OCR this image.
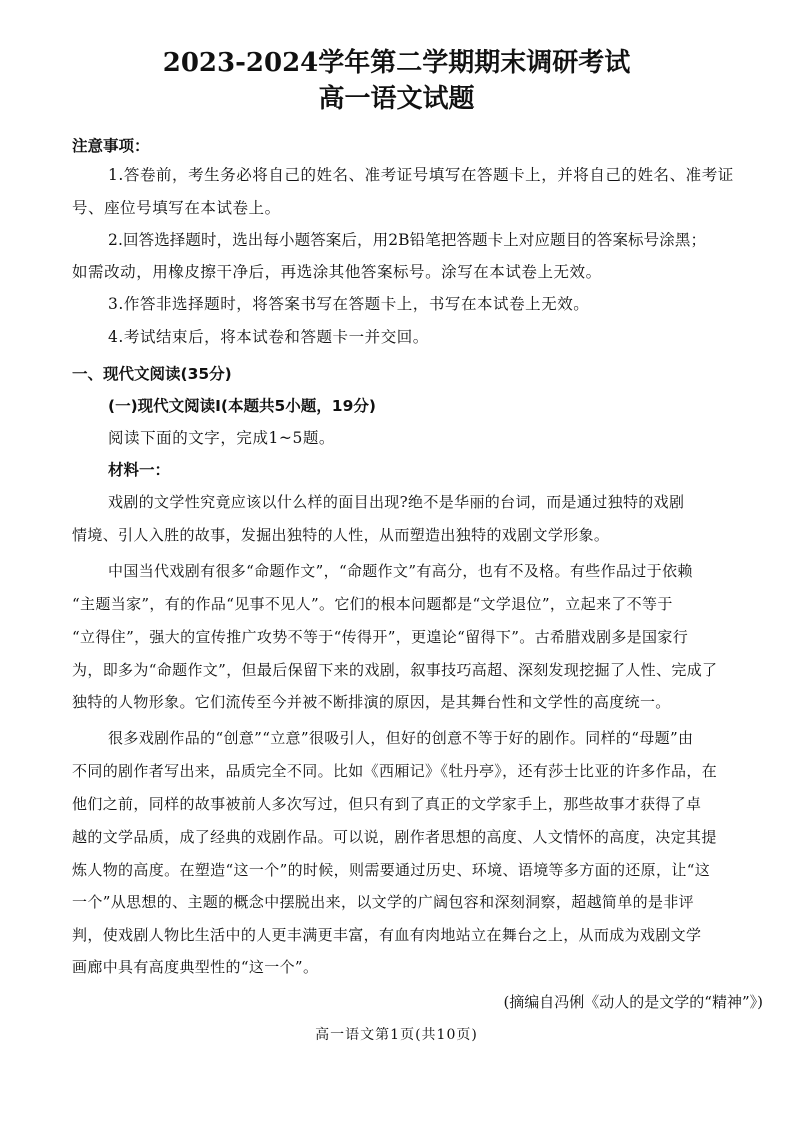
2023-2024学年第二学期期末调研考试
高一语文试题
注意事项：
1.答卷前，考生务必将自己的姓名、准考证号填写在答题卡上，并将自己的姓名、准考证
号、座位号填写在本试卷上。
2.回答选择题时，选出每小题答案后，用2B铅笔把答题卡上对应题目的答案标号涂黑；
如需改动，用橡皮擦干净后，再选涂其他答案标号。涂写在本试卷上无效。
3.作答非选择题时，将答案书写在答题卡上，书写在本试卷上无效。
4.考试结束后，将本试卷和答题卡一并交回。
一、现代文阅读(35分)
(一)现代文阅读I(本题共5小题，19分)
阅读下面的文字，完成1~5题。
材料一：
戏剧的文学性究竟应该以什么样的面目出现?绝不是华丽的台词，而是通过独特的戏剧
情境、引人入胜的故事，发掘出独特的人性，从而塑造出独特的戏剧文学形象。
中国当代戏剧有很多“命题作文”，“命题作文”有高分，也有不及格。有些作品过于依赖
“主题当家”，有的作品“见事不见人”。它们的根本问题都是“文学退位”，立起来了不等于
“立得住”，强大的宣传推广攻势不等于“传得开”，更遑论“留得下”。古希腊戏剧多是国家行
为，即多为“命题作文”，但最后保留下来的戏剧，叙事技巧高超、深刻发现挖掘了人性、完成了
独特的人物形象。它们流传至今并被不断排演的原因，是其舞台性和文学性的高度统一。
很多戏剧作品的“创意”“立意”很吸引人，但好的创意不等于好的剧作。同样的“母题”由
不同的剧作者写出来，品质完全不同。比如《西厢记》《牡丹亭》，还有莎士比亚的许多作品，在
他们之前，同样的故事被前人多次写过，但只有到了真正的文学家手上，那些故事才获得了卓
越的文学品质，成了经典的戏剧作品。可以说，剧作者思想的高度、人文情怀的高度，决定其提
炼人物的高度。在塑造“这一个”的时候，则需要通过历史、环境、语境等多方面的还原，让“这
一个”从思想的、主题的概念中摆脱出来，以文学的广阔包容和深刻洞察，超越简单的是非评
判，使戏剧人物比生活中的人更丰满更丰富，有血有肉地站立在舞台之上，从而成为戏剧文学
画廊中具有高度典型性的“这一个”。
(摘编自冯俐《动人的是文学的“精神”》)
高一语文第1页(共10页)
